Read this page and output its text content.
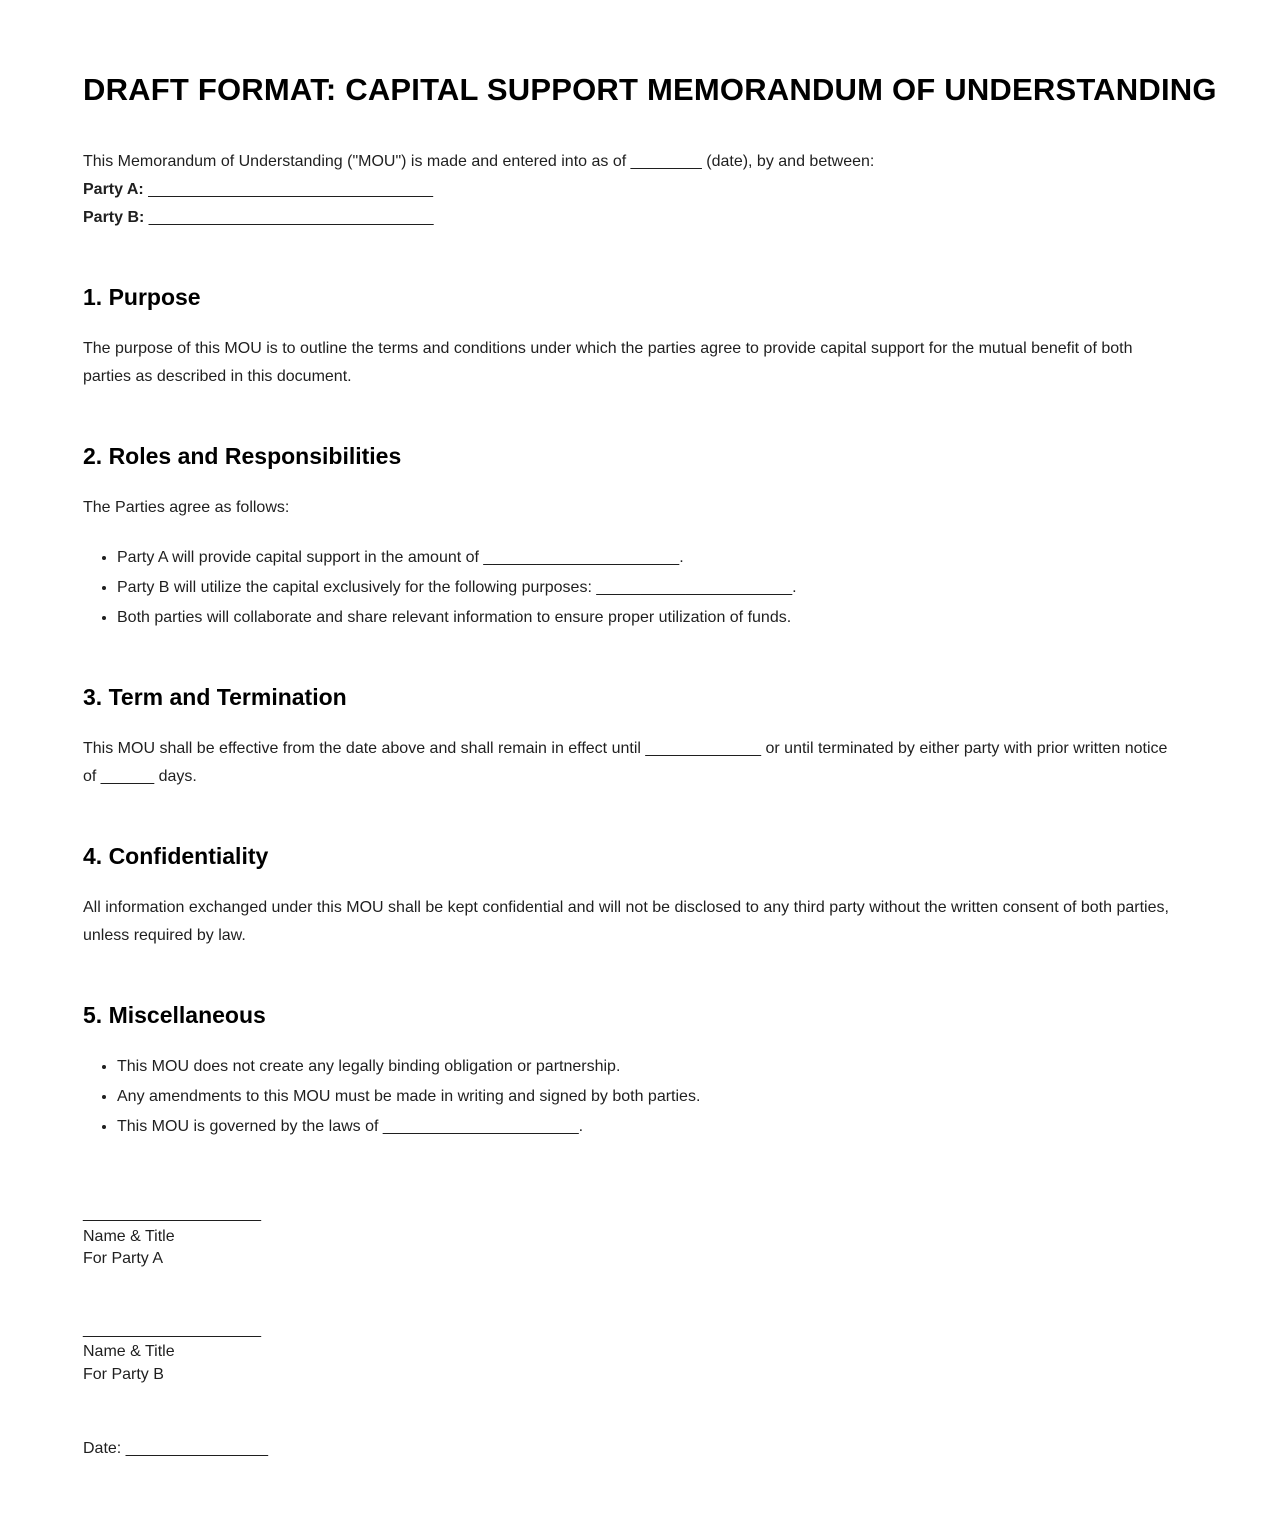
DRAFT FORMAT: CAPITAL SUPPORT MEMORANDUM OF UNDERSTANDING

This Memorandum of Understanding ("MOU") is made and entered into as of ________ (date), by and between:

Party A: ________________________________

Party B: ________________________________

1. Purpose

The purpose of this MOU is to outline the terms and conditions under which the parties agree to provide capital support for the mutual benefit of both parties as described in this document.

2. Roles and Responsibilities

The Parties agree as follows:

• Party A will provide capital support in the amount of ______________________.
• Party B will utilize the capital exclusively for the following purposes: ______________________.
• Both parties will collaborate and share relevant information to ensure proper utilization of funds.
3. Term and Termination

This MOU shall be effective from the date above and shall remain in effect until _____________ or until terminated by either party with prior written notice of ______ days.

4. Confidentiality

All information exchanged under this MOU shall be kept confidential and will not be disclosed to any third party without the written consent of both parties, unless required by law.

5. Miscellaneous
• This MOU does not create any legally binding obligation or partnership.
• Any amendments to this MOU must be made in writing and signed by both parties.
• This MOU is governed by the laws of ______________________.
____________________
Name & Title
For Party A
____________________
Name & Title
For Party B
Date: ________________
